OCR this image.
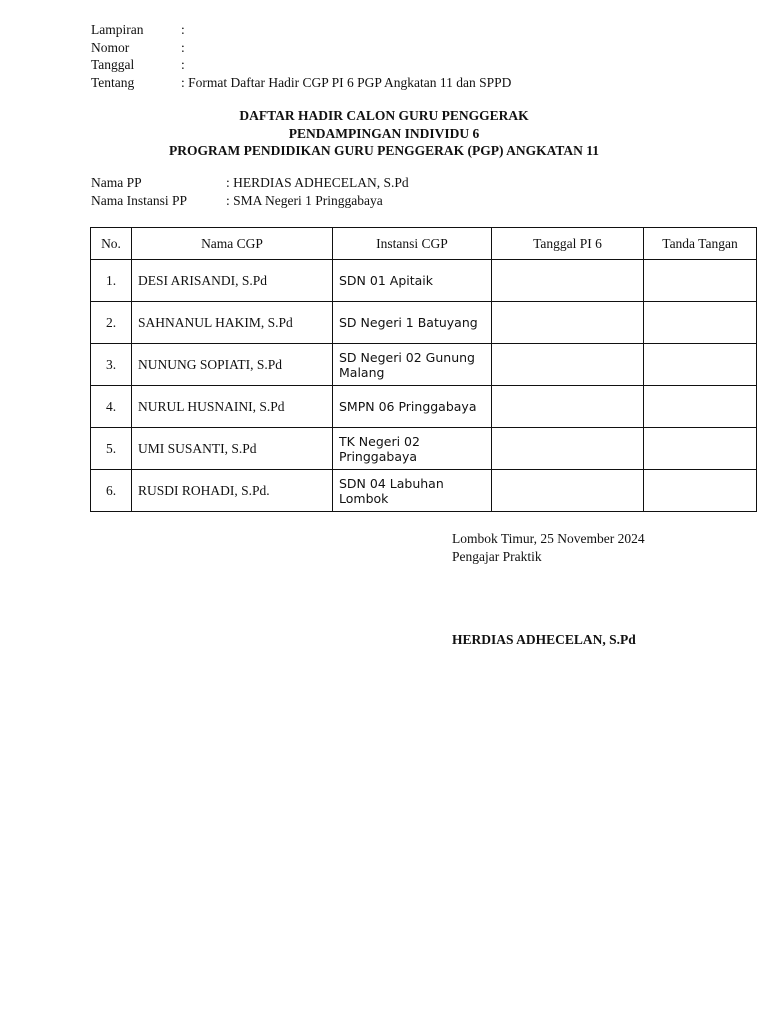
Lampiran	:
Nomor	:
Tanggal	:
Tentang	: Format Daftar Hadir CGP PI 6 PGP Angkatan 11 dan SPPD
DAFTAR HADIR CALON GURU PENGGERAK
PENDAMPINGAN INDIVIDU 6
PROGRAM PENDIDIKAN GURU PENGGERAK (PGP) ANGKATAN 11
Nama PP	: HERDIAS ADHECELAN, S.Pd
Nama Instansi PP	: SMA Negeri 1 Pringgabaya
No.	Nama CGP	Instansi CGP	Tanggal PI 6	Tanda Tangan
1.	DESI ARISANDI, S.Pd	SDN 01 Apitaik		
2.	SAHNANUL HAKIM, S.Pd	SD Negeri 1 Batuyang		
3.	NUNUNG SOPIATI, S.Pd	SD Negeri 02 Gunung Malang		
4.	NURUL HUSNAINI, S.Pd	SMPN 06 Pringgabaya		
5.	UMI SUSANTI, S.Pd	TK Negeri 02 Pringgabaya		
6.	RUSDI ROHADI, S.Pd.	SDN 04 Labuhan Lombok		
Lombok Timur, 25 November 2024
Pengajar Praktik
HERDIAS ADHECELAN, S.Pd
